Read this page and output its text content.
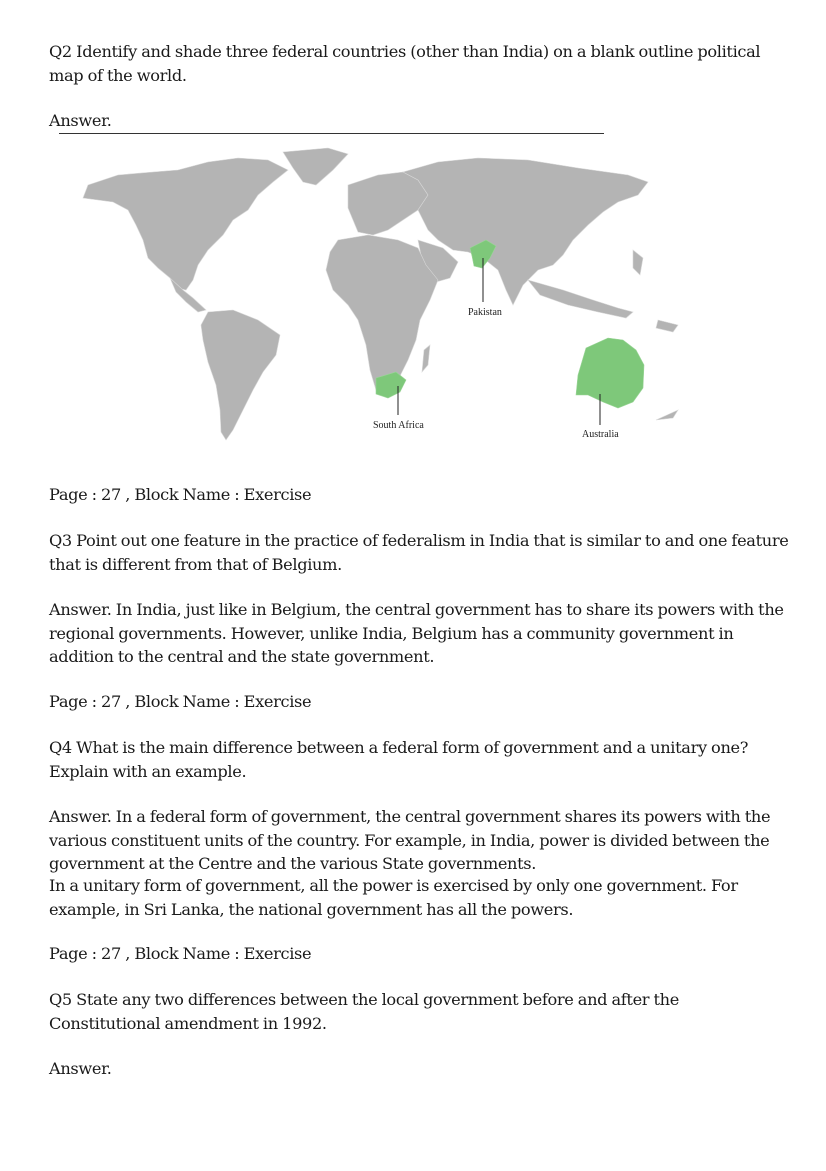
Q2 Identify and shade three federal countries (other than India) on a blank outline political map of the world.

Answer.

Pakistan
South Africa
Australia

Page : 27 , Block Name : Exercise

Q3 Point out one feature in the practice of federalism in India that is similar to and one feature that is different from that of Belgium.

Answer. In India, just like in Belgium, the central government has to share its powers with the regional governments. However, unlike India, Belgium has a community government in addition to the central and the state government.

Page : 27 , Block Name : Exercise

Q4 What is the main difference between a federal form of government and a unitary one? Explain with an example.

Answer. In a federal form of government, the central government shares its powers with the various constituent units of the country. For example, in India, power is divided between the government at the Centre and the various State governments.

In a unitary form of government, all the power is exercised by only one government. For example, in Sri Lanka, the national government has all the powers.

Page : 27 , Block Name : Exercise

Q5 State any two differences between the local government before and after the Constitutional amendment in 1992.

Answer.
